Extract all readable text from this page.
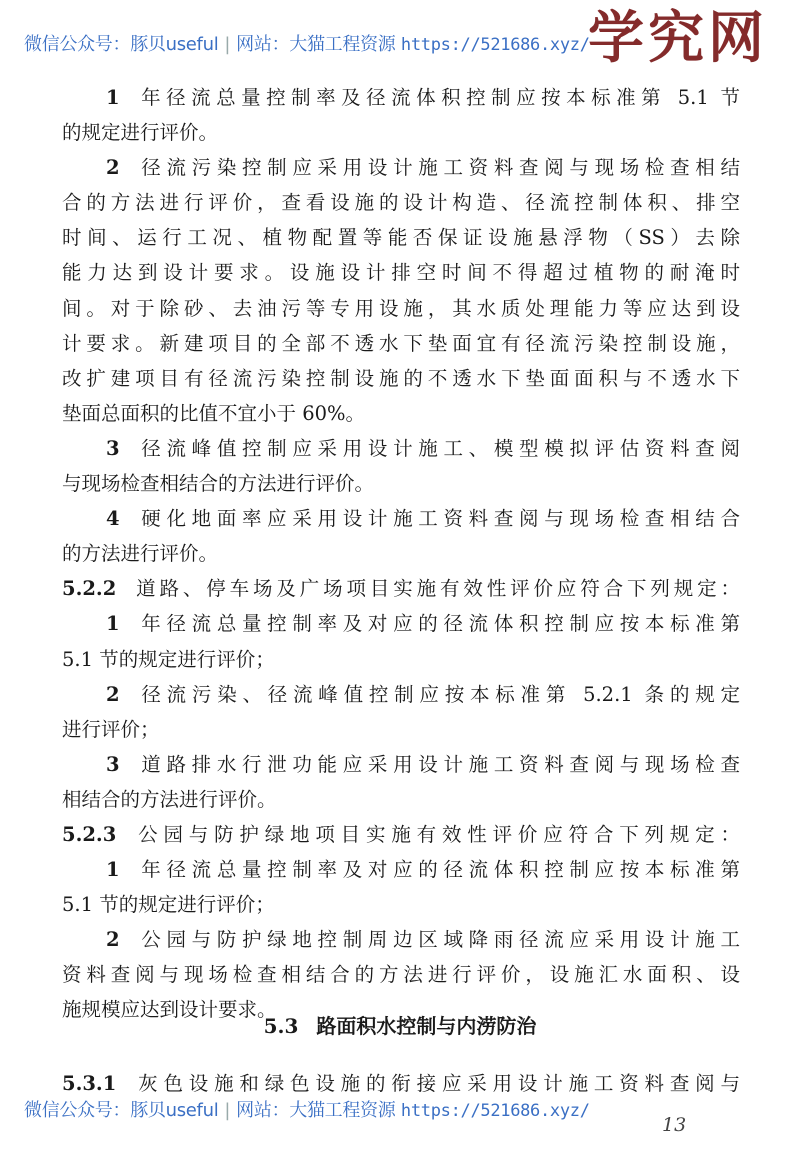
微信公众号：豚贝useful | 网站：大猫工程资源 https://521686.xyz/
学究网
1 年径流总量控制率及径流体积控制应按本标准第 5.1 节
的规定进行评价。
2 径流污染控制应采用设计施工资料查阅与现场检查相结
合的方法进行评价，查看设施的设计构造、径流控制体积、排空
时间、运行工况、植物配置等能否保证设施悬浮物（SS）去除
能力达到设计要求。设施设计排空时间不得超过植物的耐淹时
间。对于除砂、去油污等专用设施，其水质处理能力等应达到设
计要求。新建项目的全部不透水下垫面宜有径流污染控制设施，
改扩建项目有径流污染控制设施的不透水下垫面面积与不透水下
垫面总面积的比值不宜小于 60%。
3 径流峰值控制应采用设计施工、模型模拟评估资料查阅
与现场检查相结合的方法进行评价。
4 硬化地面率应采用设计施工资料查阅与现场检查相结合
的方法进行评价。
5.2.2 道路、停车场及广场项目实施有效性评价应符合下列规定：
1 年径流总量控制率及对应的径流体积控制应按本标准第
5.1 节的规定进行评价；
2 径流污染、径流峰值控制应按本标准第 5.2.1 条的规定
进行评价；
3 道路排水行泄功能应采用设计施工资料查阅与现场检查
相结合的方法进行评价。
5.2.3 公园与防护绿地项目实施有效性评价应符合下列规定：
1 年径流总量控制率及对应的径流体积控制应按本标准第
5.1 节的规定进行评价；
2 公园与防护绿地控制周边区域降雨径流应采用设计施工
资料查阅与现场检查相结合的方法进行评价，设施汇水面积、设
施规模应达到设计要求。
5.3 路面积水控制与内涝防治
5.3.1 灰色设施和绿色设施的衔接应采用设计施工资料查阅与
微信公众号：豚贝useful | 网站：大猫工程资源 https://521686.xyz/
13
